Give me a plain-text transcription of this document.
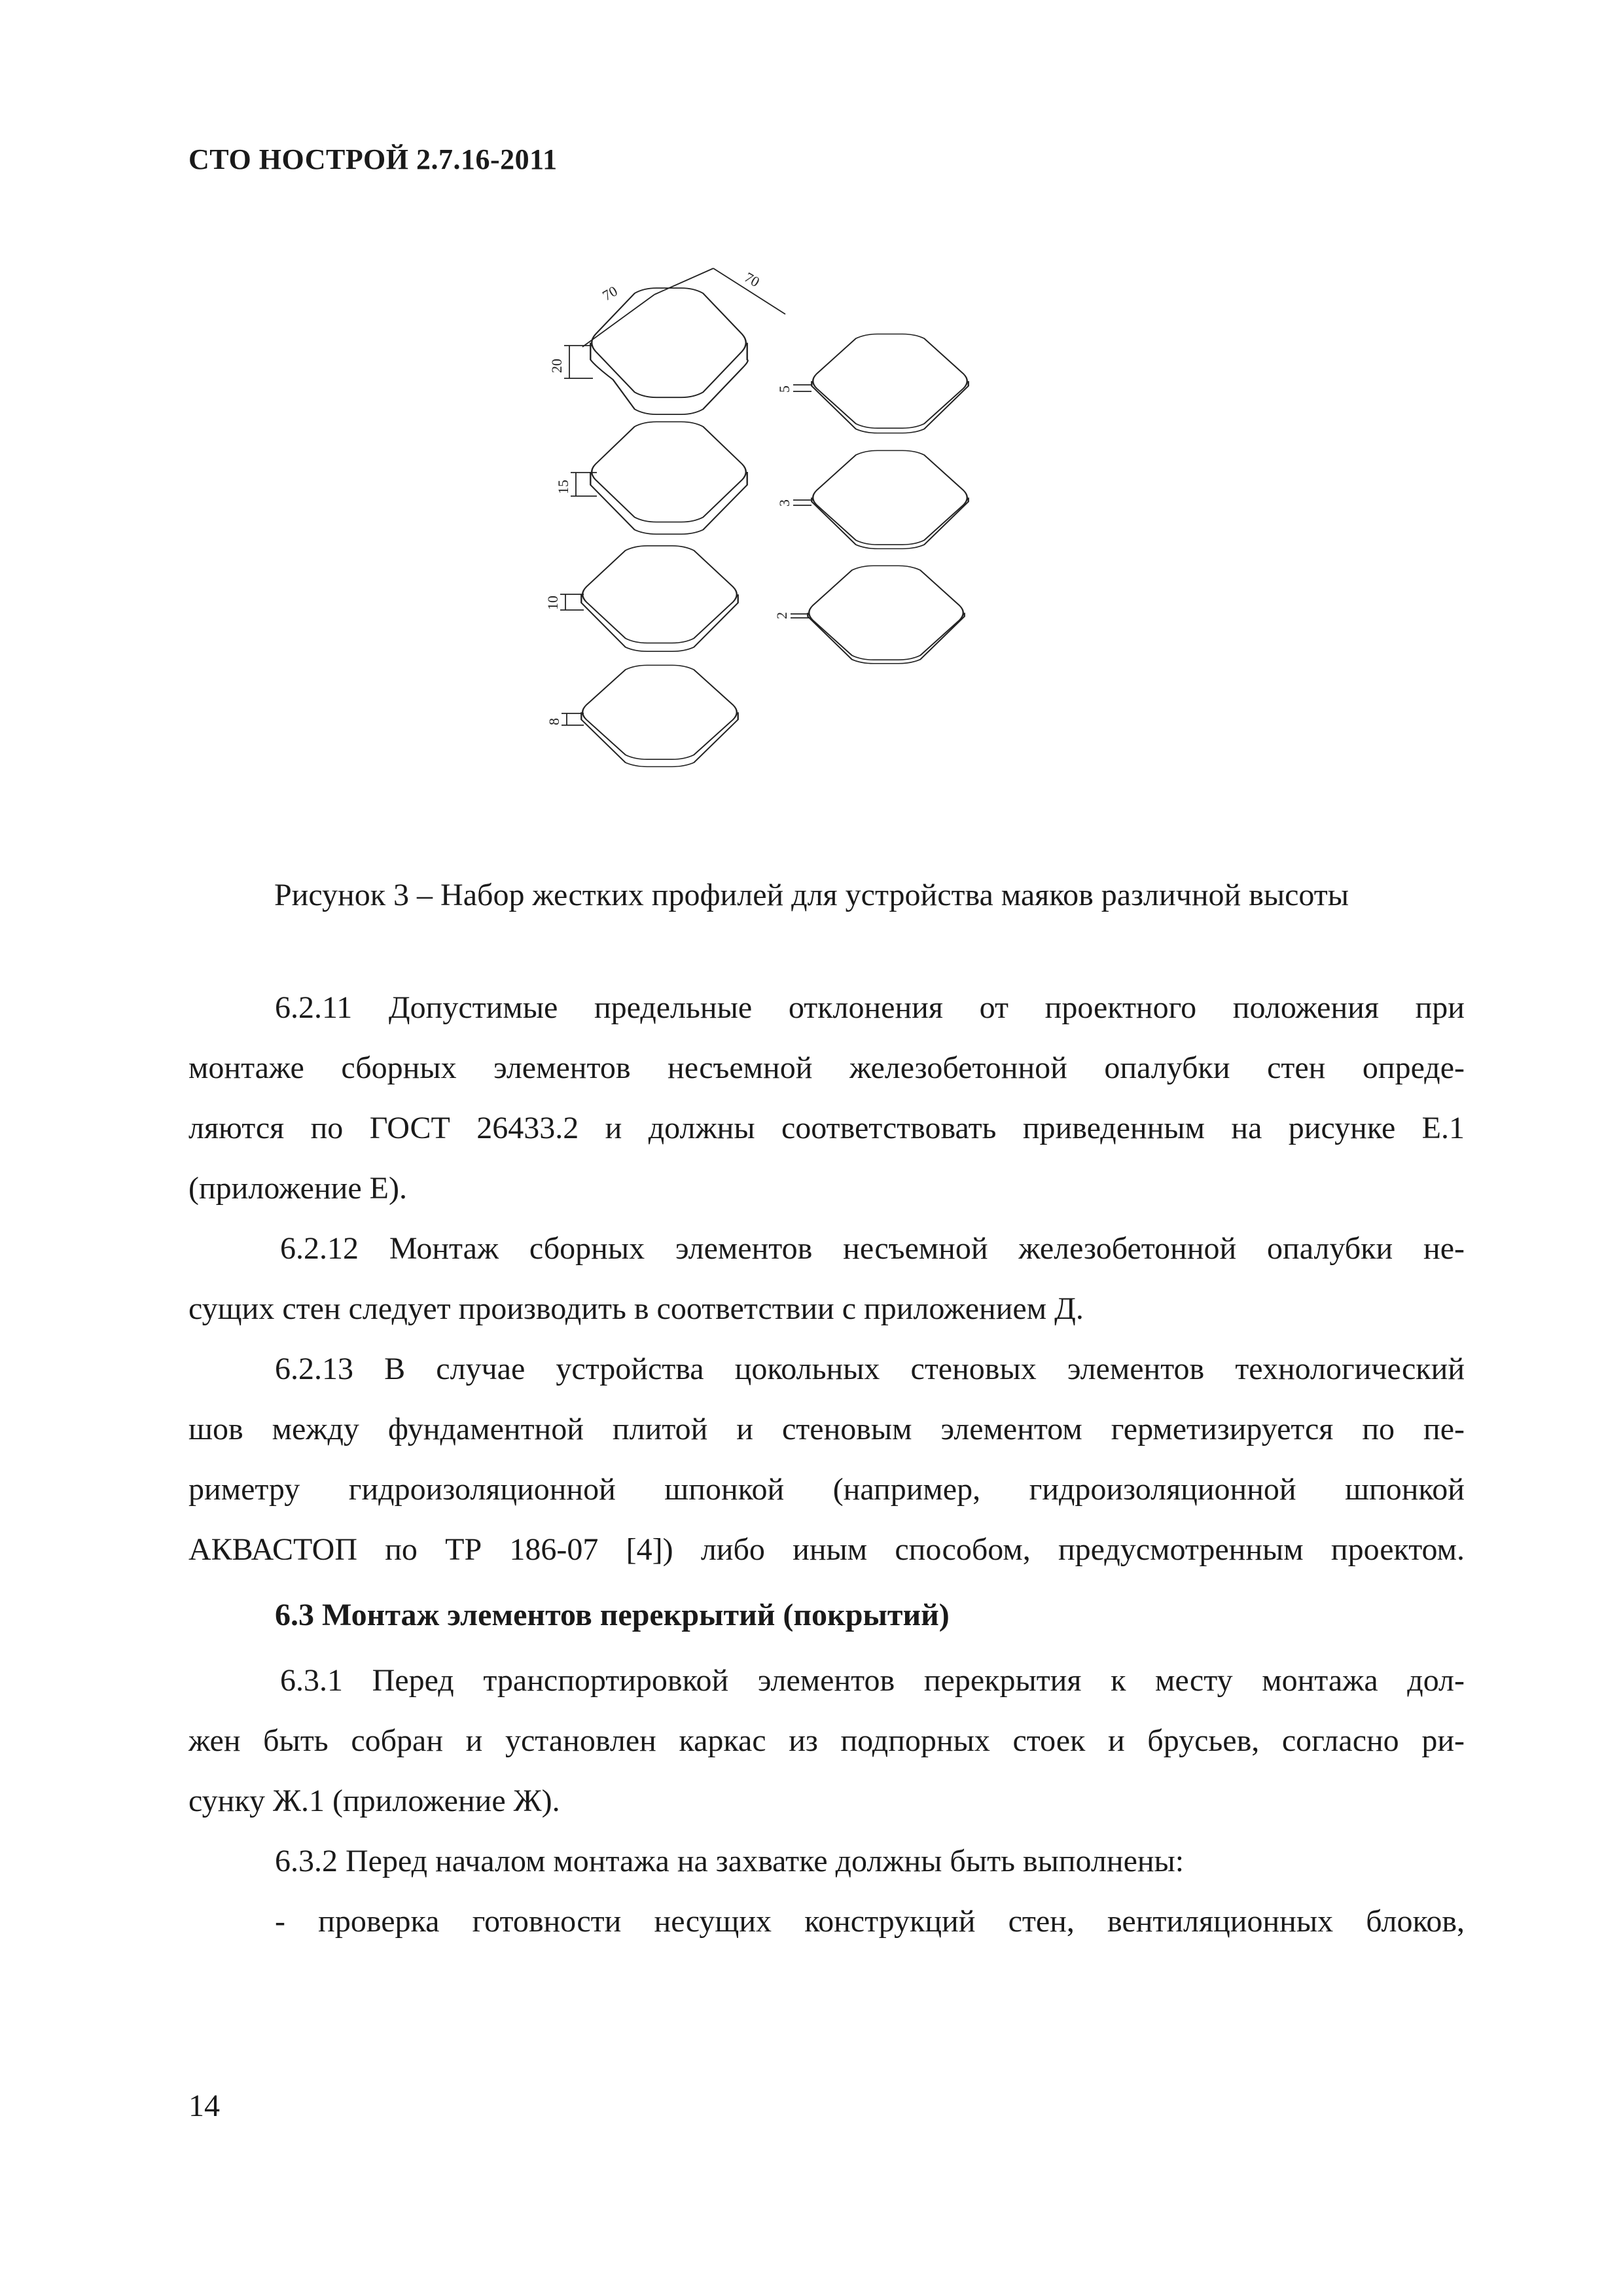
СТО НОСТРОЙ 2.7.16-2011
70
70
20
15
10
8
5
3
2
Рисунок 3 – Набор жестких профилей для устройства маяков различной высоты
6.2.11 Допустимые предельные отклонения от проектного положения при
монтаже сборных элементов несъемной железобетонной опалубки стен опреде-
ляются по ГОСТ 26433.2 и должны соответствовать приведенным на рисунке Е.1
(приложение Е).
6.2.12 Монтаж сборных элементов несъемной железобетонной опалубки не-
сущих стен следует производить в соответствии с приложением Д.
6.2.13 В случае устройства цокольных стеновых элементов технологический
шов между фундаментной плитой и стеновым элементом герметизируется по пе-
риметру гидроизоляционной шпонкой (например, гидроизоляционной шпонкой
АКВАСТОП по ТР 186-07 [4]) либо иным способом, предусмотренным проектом.
6.3 Монтаж элементов перекрытий (покрытий)
6.3.1 Перед транспортировкой элементов перекрытия к месту монтажа дол-
жен быть собран и установлен каркас из подпорных стоек и брусьев, согласно ри-
сунку Ж.1 (приложение Ж).
6.3.2 Перед началом монтажа на захватке должны быть выполнены:
- проверка готовности несущих конструкций стен, вентиляционных блоков,
14
